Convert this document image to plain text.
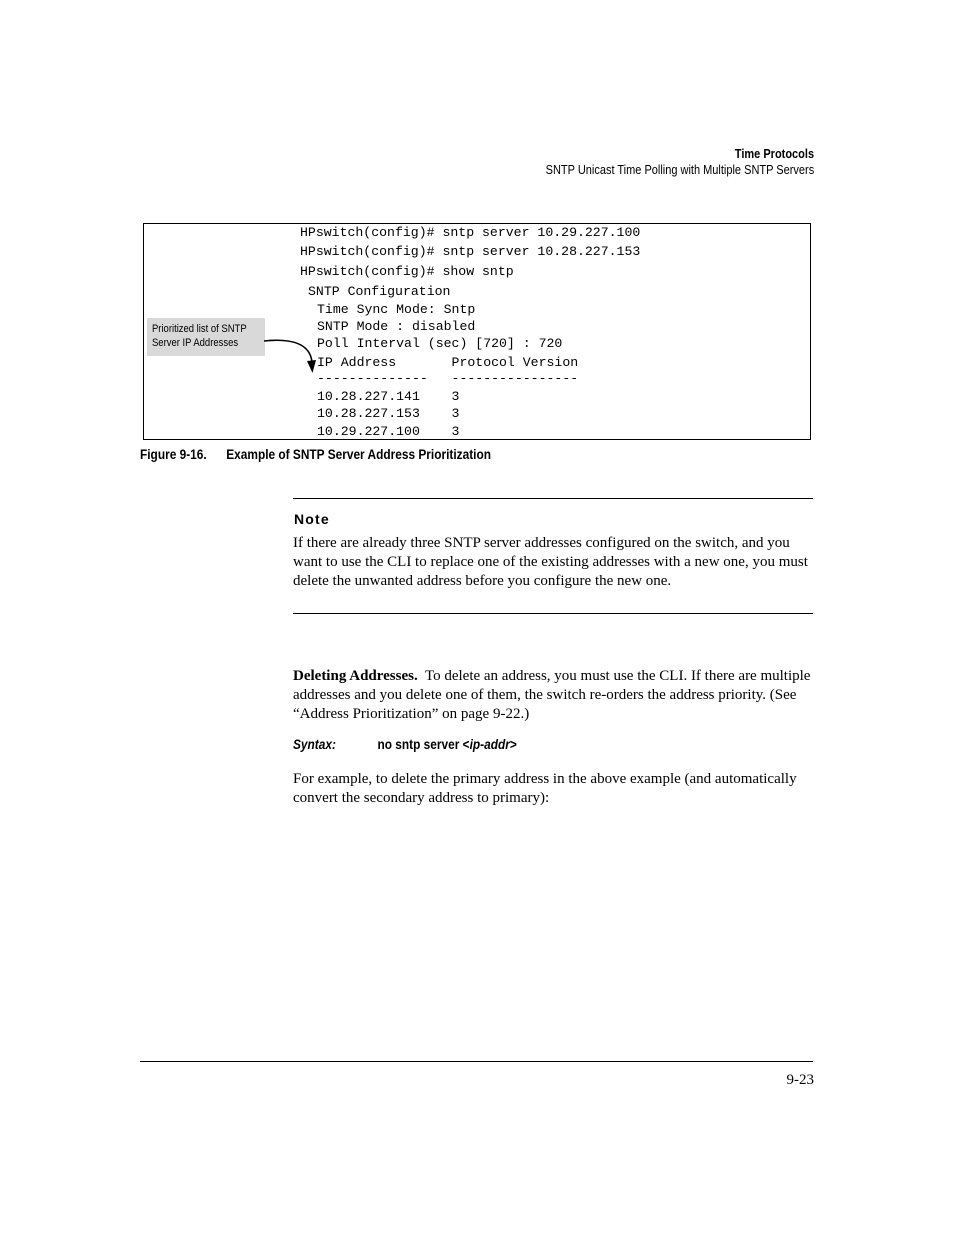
Time Protocols
SNTP Unicast Time Polling with Multiple SNTP Servers
Prioritized list of SNTP
Server IP Addresses
HPswitch(config)# sntp server 10.29.227.100
HPswitch(config)# sntp server 10.28.227.153
HPswitch(config)# show sntp
SNTP Configuration
Time Sync Mode: Sntp
SNTP Mode : disabled
Poll Interval (sec) [720] : 720
IP Address       Protocol Version
--------------   ----------------
10.28.227.141    3
10.28.227.153    3
10.29.227.100    3
Figure 9-16. Example of SNTP Server Address Prioritization
Note
If there are already three SNTP server addresses configured on the switch, and you want to use the CLI to replace one of the existing addresses with a new one, you must delete the unwanted address before you configure the new one.
Deleting Addresses. To delete an address, you must use the CLI. If there are multiple addresses and you delete one of them, the switch re-orders the address priority. (See “Address Prioritization” on page 9-22.)
Syntax:	no sntp server <ip-addr>
For example, to delete the primary address in the above example (and automatically convert the secondary address to primary):
9-23
